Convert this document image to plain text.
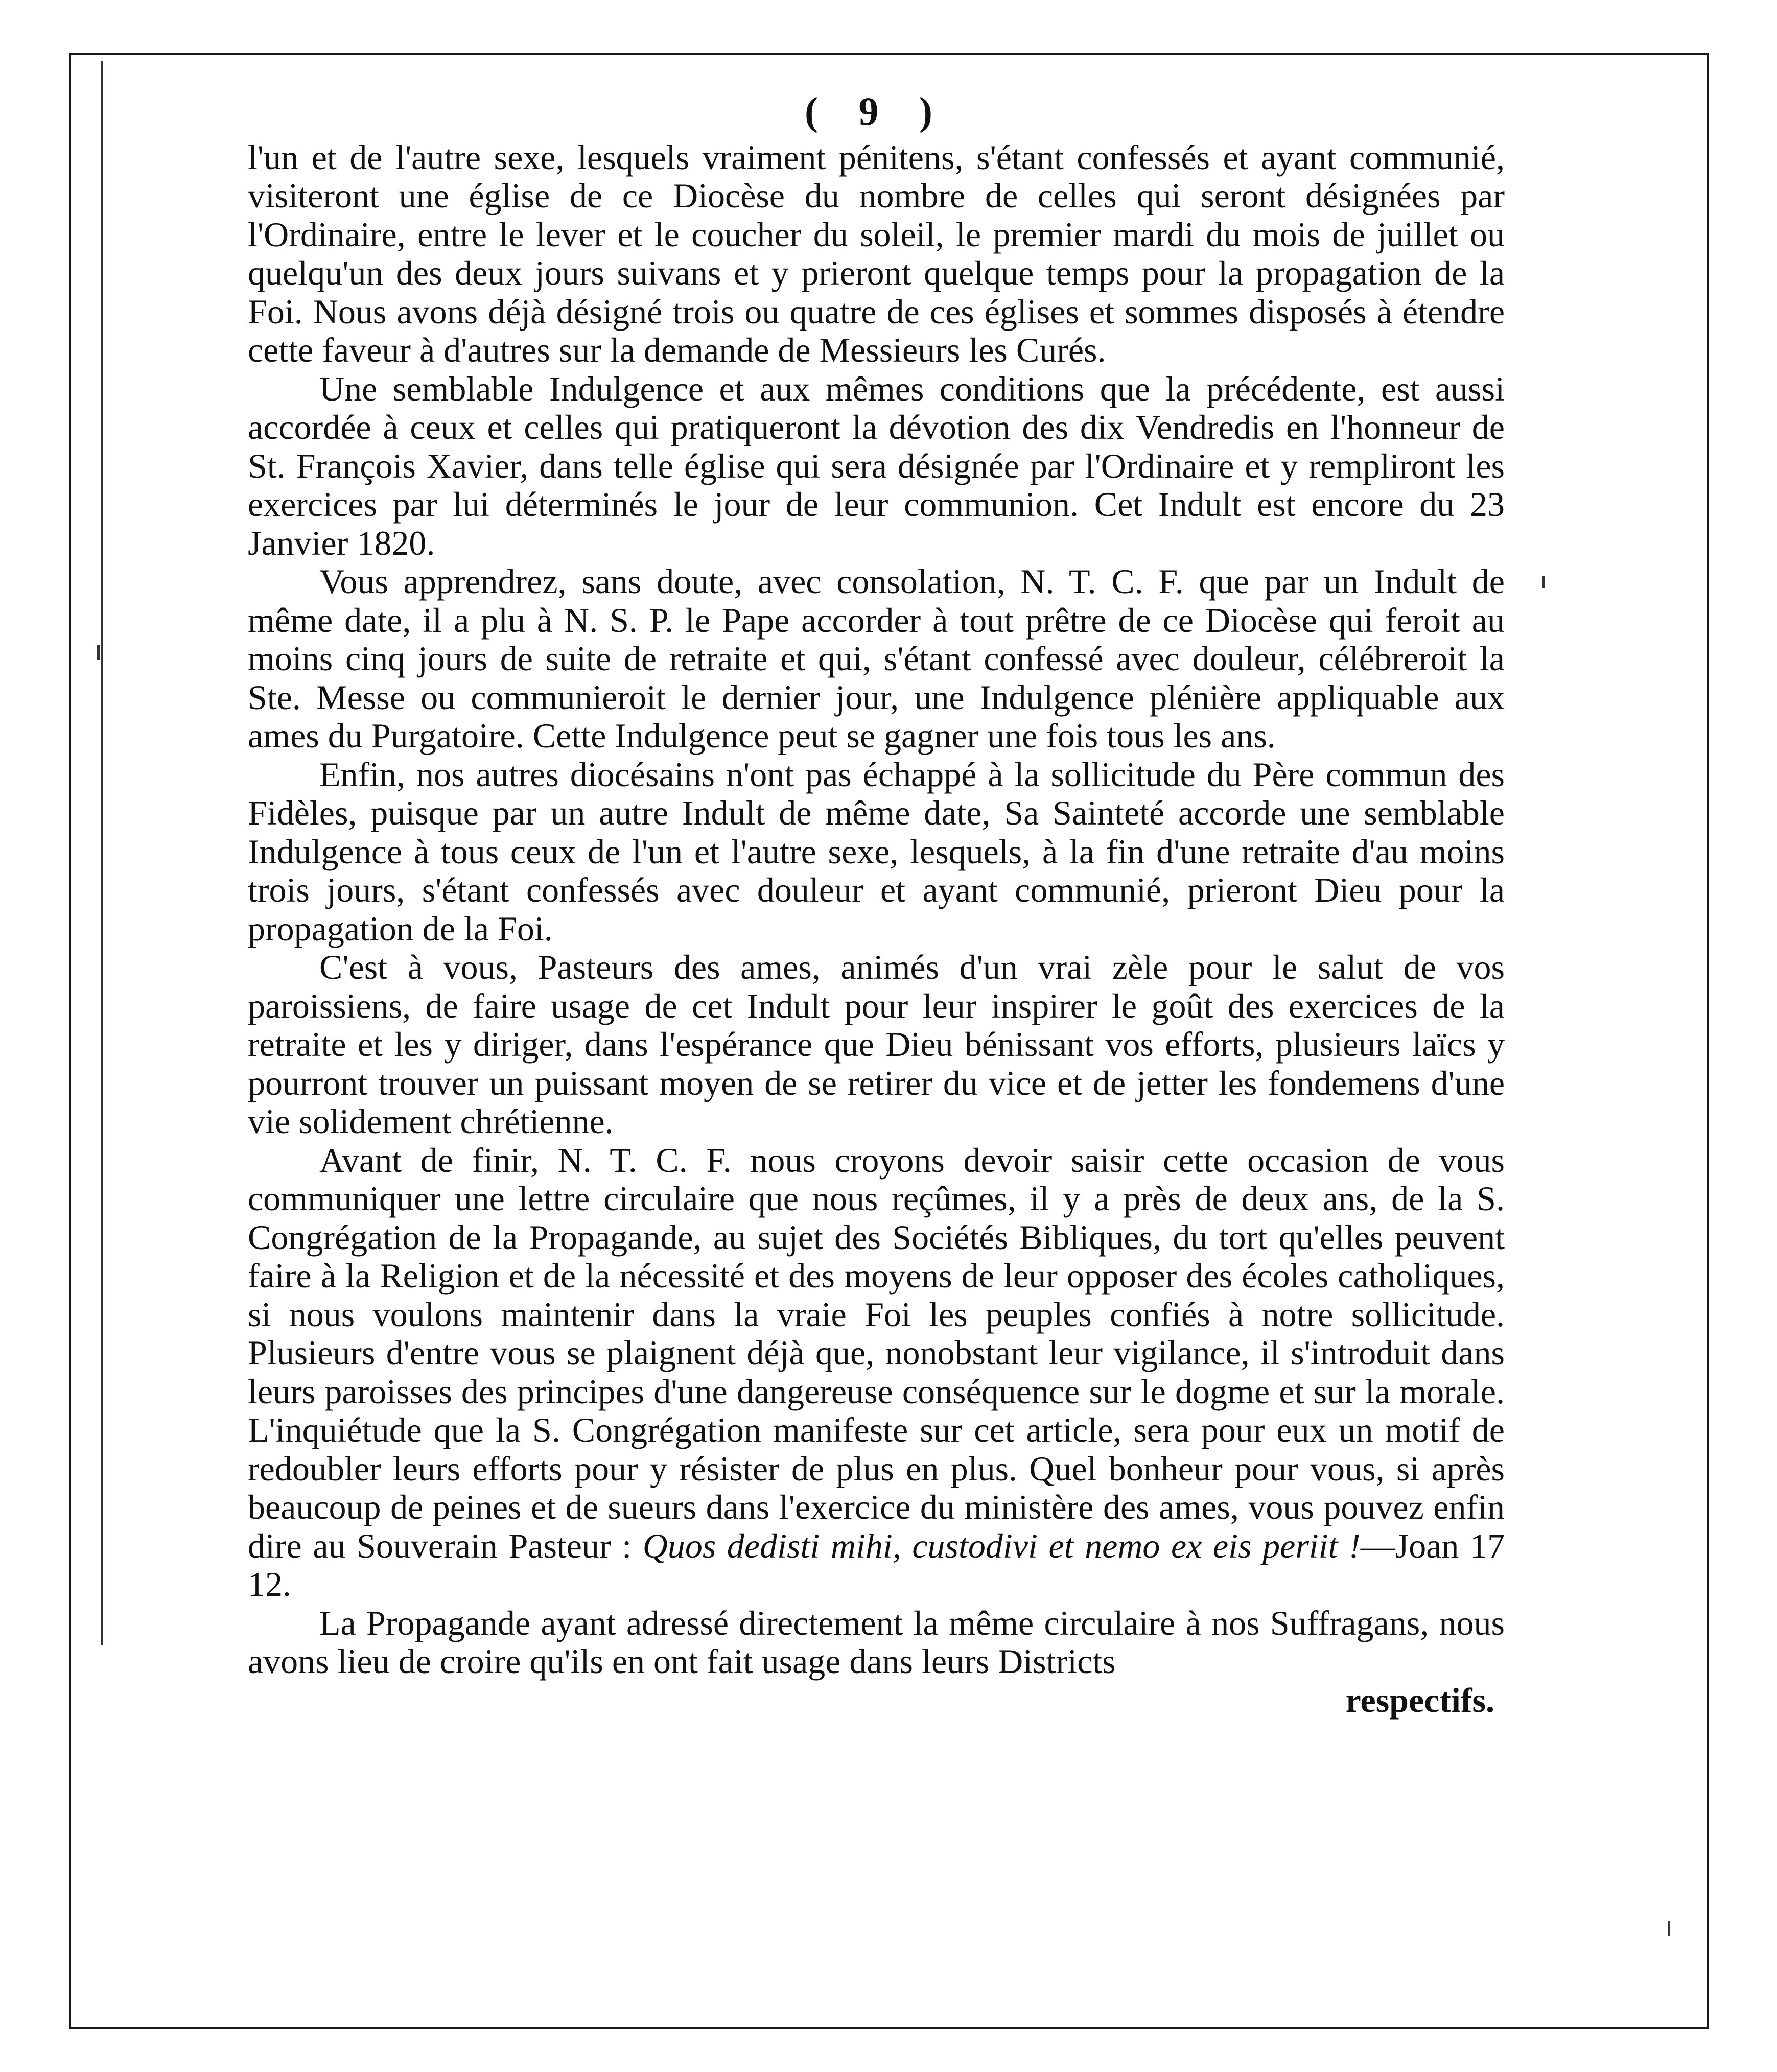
( 9 )

l'un et de l'autre sexe, lesquels vraiment pénitens, s'étant confessés et ayant communié, visiteront une église de ce Diocèse du nombre de celles qui seront désignées par l'Ordinaire, entre le lever et le coucher du soleil, le premier mardi du mois de juillet ou quelqu'un des deux jours suivans et y prieront quelque temps pour la propagation de la Foi. Nous avons déjà désigné trois ou quatre de ces églises et sommes disposés à étendre cette faveur à d'autres sur la demande de Messieurs les Curés.

Une semblable Indulgence et aux mêmes conditions que la précédente, est aussi accordée à ceux et celles qui pratiqueront la dévotion des dix Vendredis en l'honneur de St. François Xavier, dans telle église qui sera désignée par l'Ordinaire et y rempliront les exercices par lui déterminés le jour de leur communion. Cet Indult est encore du 23 Janvier 1820.

Vous apprendrez, sans doute, avec consolation, N. T. C. F. que par un Indult de même date, il a plu à N. S. P. le Pape accorder à tout prêtre de ce Diocèse qui feroit au moins cinq jours de suite de retraite et qui, s'étant confessé avec douleur, célébreroit la Ste. Messe ou communieroit le dernier jour, une Indulgence plénière appliquable aux ames du Purgatoire. Cette Indulgence peut se gagner une fois tous les ans.

Enfin, nos autres diocésains n'ont pas échappé à la sollicitude du Père commun des Fidèles, puisque par un autre Indult de même date, Sa Sainteté accorde une semblable Indulgence à tous ceux de l'un et l'autre sexe, lesquels, à la fin d'une retraite d'au moins trois jours, s'étant confessés avec douleur et ayant communié, prieront Dieu pour la propagation de la Foi.

C'est à vous, Pasteurs des ames, animés d'un vrai zèle pour le salut de vos paroissiens, de faire usage de cet Indult pour leur inspirer le goût des exercices de la retraite et les y diriger, dans l'espérance que Dieu bénissant vos efforts, plusieurs laïcs y pourront trouver un puissant moyen de se retirer du vice et de jetter les fondemens d'une vie solidement chrétienne.

Avant de finir, N. T. C. F. nous croyons devoir saisir cette occasion de vous communiquer une lettre circulaire que nous reçûmes, il y a près de deux ans, de la S. Congrégation de la Propagande, au sujet des Sociétés Bibliques, du tort qu'elles peuvent faire à la Religion et de la nécessité et des moyens de leur opposer des écoles catholiques, si nous voulons maintenir dans la vraie Foi les peuples confiés à notre sollicitude. Plusieurs d'entre vous se plaignent déjà que, nonobstant leur vigilance, il s'introduit dans leurs paroisses des principes d'une dangereuse conséquence sur le dogme et sur la morale. L'inquiétude que la S. Congrégation manifeste sur cet article, sera pour eux un motif de redoubler leurs efforts pour y résister de plus en plus. Quel bonheur pour vous, si après beaucoup de peines et de sueurs dans l'exercice du ministère des ames, vous pouvez enfin dire au Souverain Pasteur : Quos dedisti mihi, custodivi et nemo ex eis periit !—Joan 17 12.

La Propagande ayant adressé directement la même circulaire à nos Suffragans, nous avons lieu de croire qu'ils en ont fait usage dans leurs Districts

respectifs.
